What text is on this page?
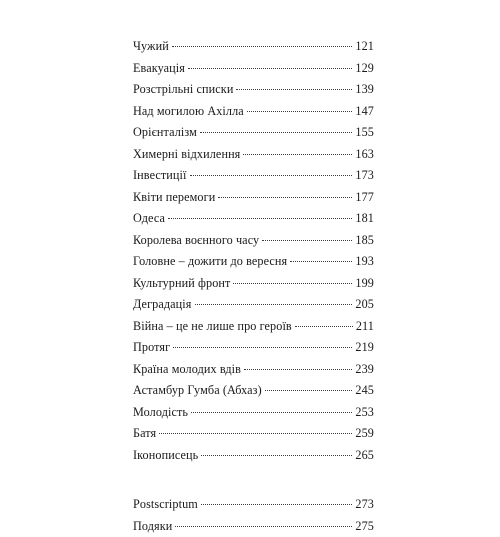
Чужий	121
Евакуація	129
Розстрільні списки	139
Над могилою Ахілла	147
Орієнталізм	155
Химерні відхилення	163
Інвестиції	173
Квіти перемоги	177
Одеса	181
Королева воєнного часу	185
Головне – дожити до вересня	193
Культурний фронт	199
Деградація	205
Війна – це не лише про героїв	211
Протяг	219
Країна молодих вдів	239
Астамбур Гумба (Абхаз)	245
Молодість	253
Батя	259
Іконописець	265
Postscriptum	273
Подяки	275
